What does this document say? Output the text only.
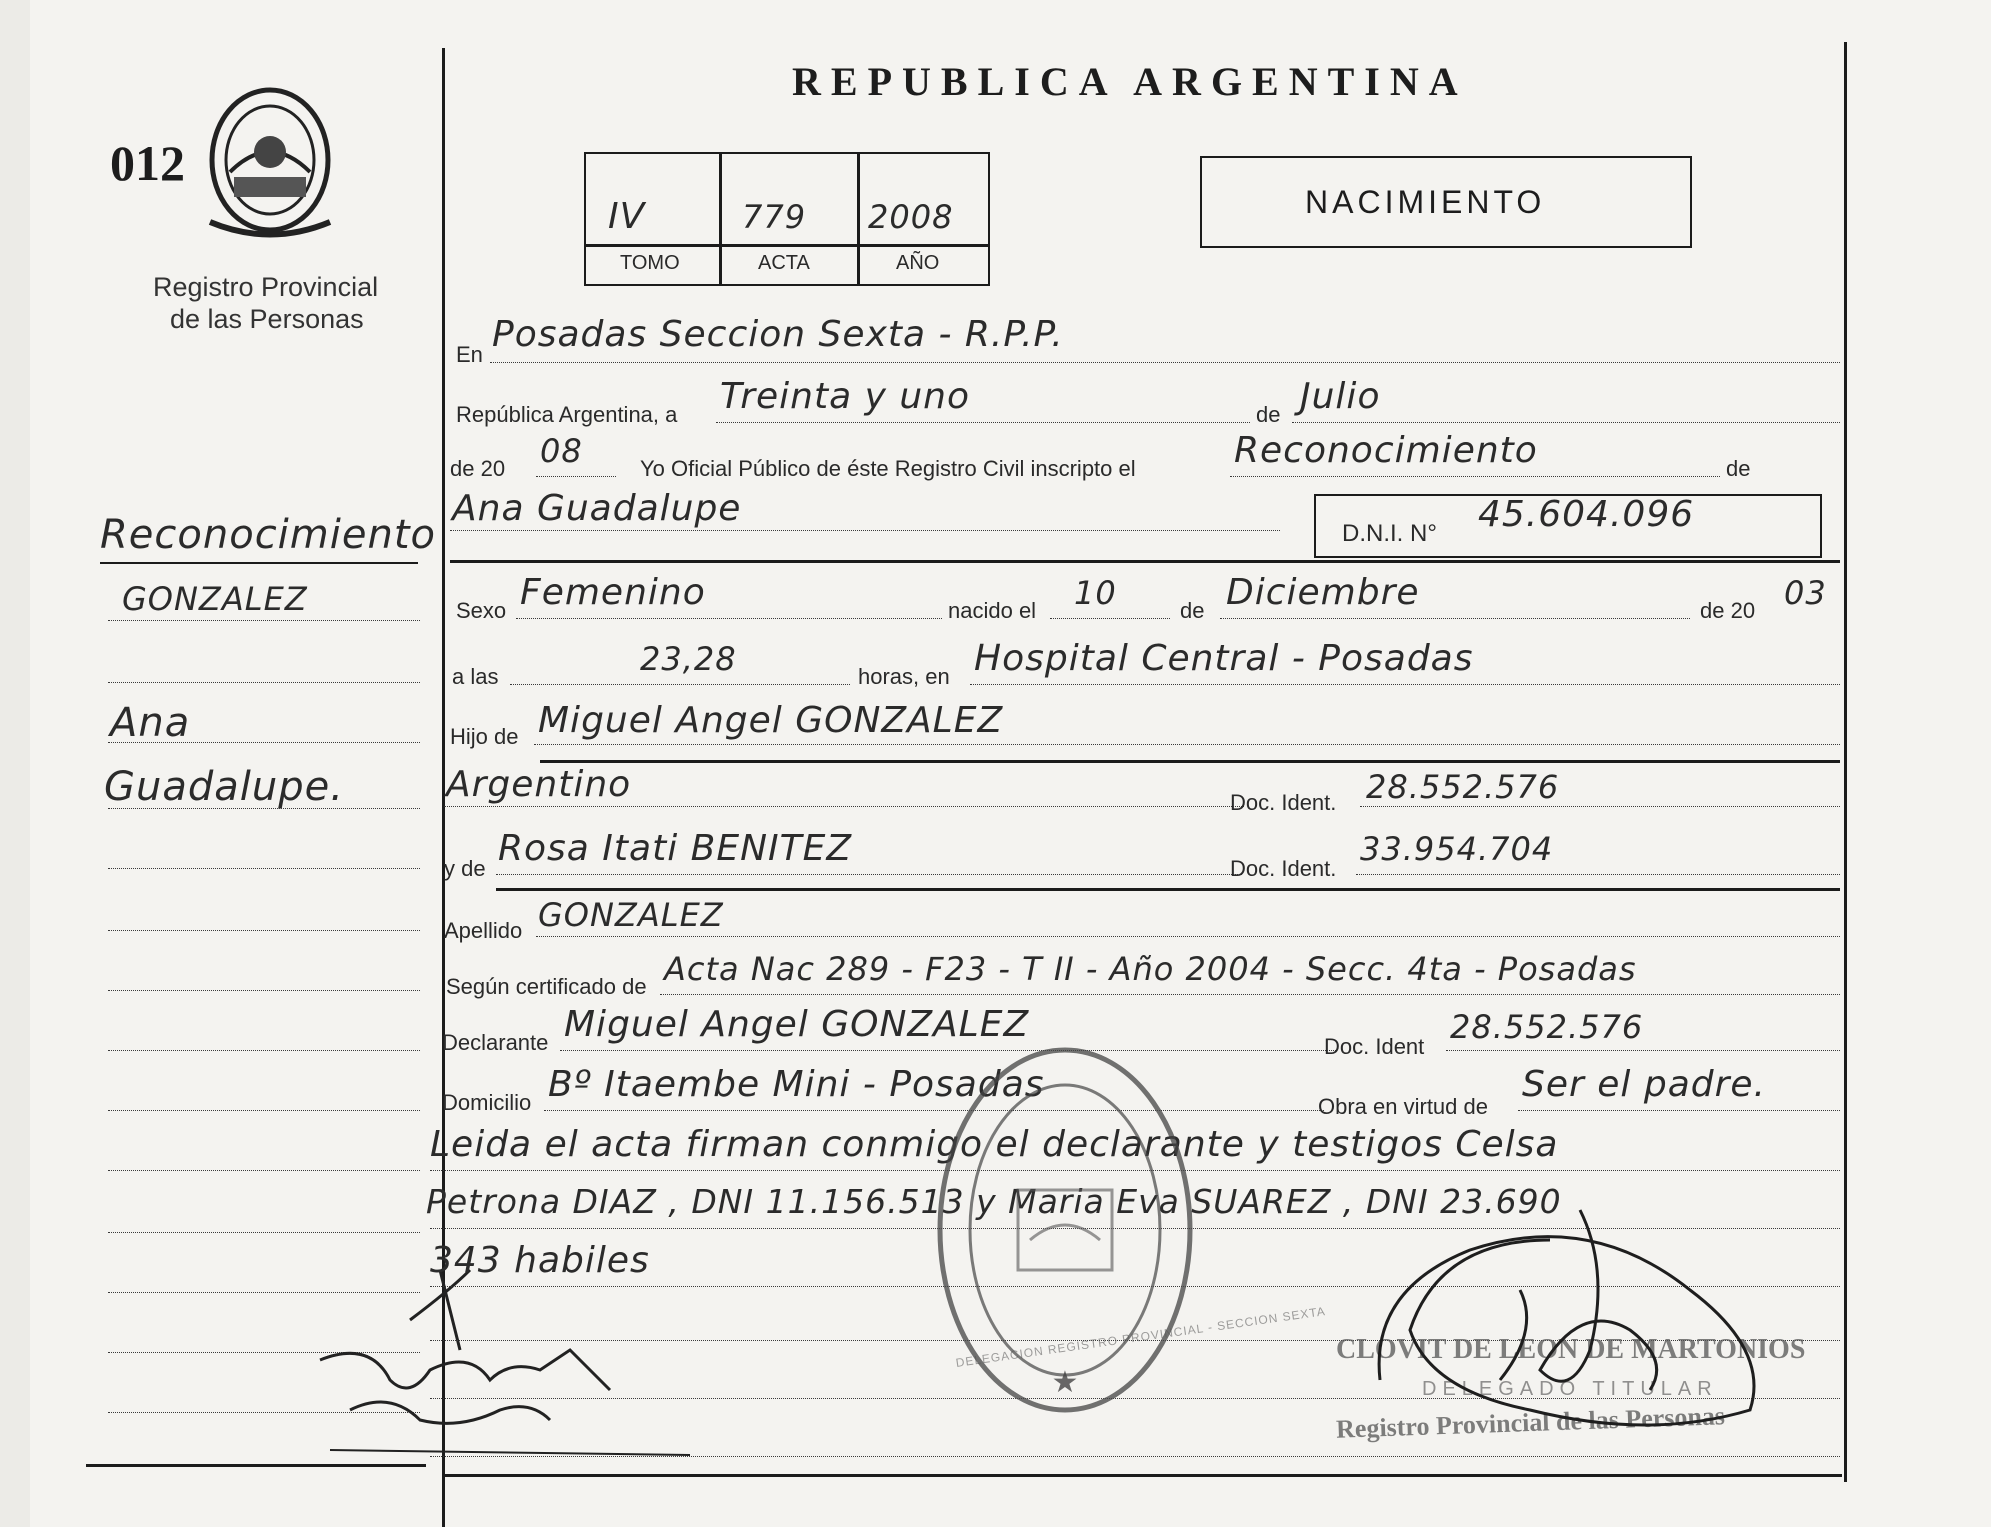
012
Registro Provincial
de las Personas
REPUBLICA ARGENTINA
IV	779 2008
TOMO	ACTA	AÑO
NACIMIENTO
Reconocimiento
GONZALEZ
Ana
Guadalupe.
En Posadas Seccion Sexta - R.P.P.
República Argentina, a Treinta y uno	de Julio
de 20 08	Yo Oficial Público de éste Registro Civil inscripto el	Reconocimiento	de
Ana Guadalupe
D.N.I. N° 45.604.096
Sexo Femenino	nacido el 10	de Diciembre	de 20 03
a las	23,28	horas, en Hospital Central - Posadas
Hijo de Miguel Angel GONZALEZ
Argentino	Doc. Ident. 28.552.576
y de Rosa Itati BENITEZ	Doc. Ident.
33.954.704
Apellido GONZALEZ
Según certificado de Acta Nac 289 - F23 - T II - Año 2004 - Secc. 4ta - Posadas
Declarante Miguel Angel GONZALEZ
Doc. Ident
28.552.576
Domicilio Bº Itaembe Mini - Posadas
Obra en virtud de
Ser el padre.
Leida el acta firman conmigo el declarante y testigos Celsa
Petrona DIAZ , DNI 11.156.513 y Maria Eva SUAREZ , DNI 23.690
343 habiles
★
DELEGACION REGISTRO PROVINCIAL - SECCION SEXTA CLOVIT DE LEON DE MARTONIOS
DELEGADO TITULAR
Registro Provincial de las Personas
